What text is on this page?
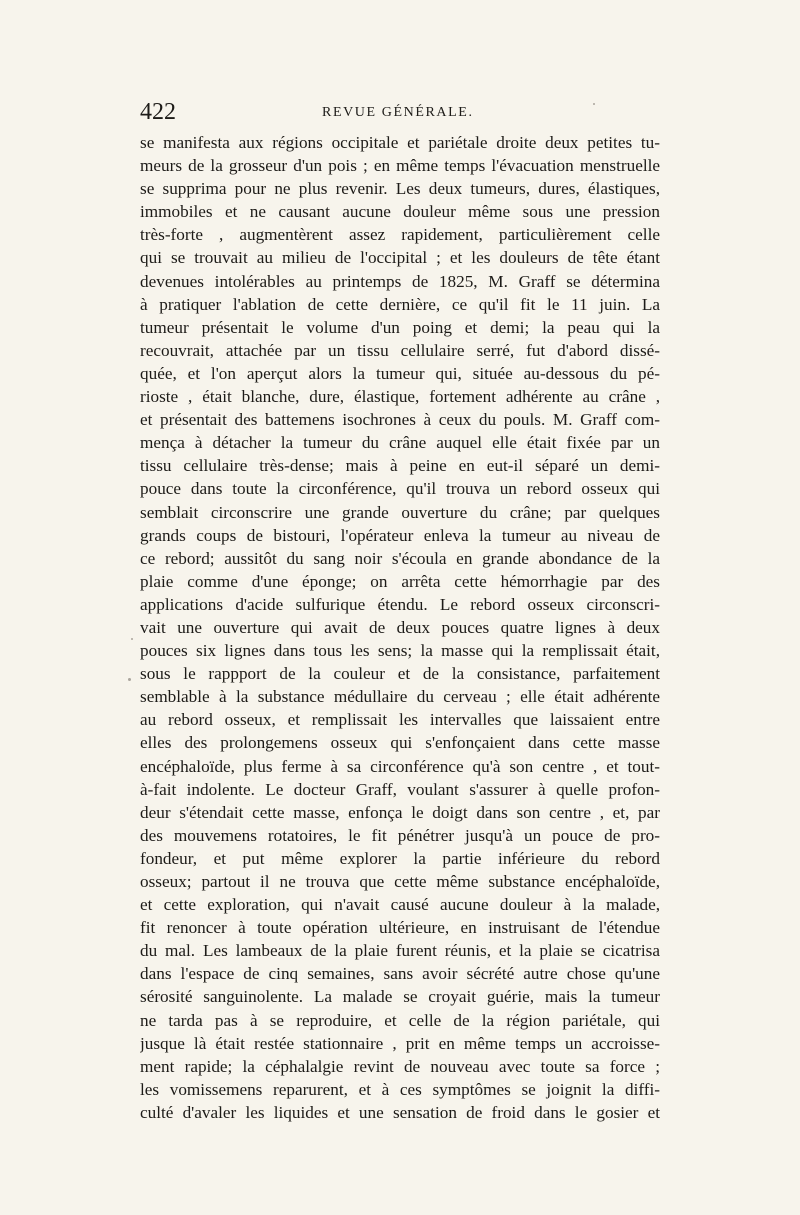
422	REVUE GÉNÉRALE.
se manifesta aux régions occipitale et pariétale droite deux petites tu-
meurs de la grosseur d'un pois ; en même temps l'évacuation menstruelle
se supprima pour ne plus revenir. Les deux tumeurs, dures, élastiques,
immobiles et ne causant aucune douleur même sous une pression
très-forte , augmentèrent assez rapidement, particulièrement celle
qui se trouvait au milieu de l'occipital ; et les douleurs de tête étant
devenues intolérables au printemps de 1825, M. Graff se détermina
à pratiquer l'ablation de cette dernière, ce qu'il fit le 11 juin. La
tumeur présentait le volume d'un poing et demi; la peau qui la
recouvrait, attachée par un tissu cellulaire serré, fut d'abord dissé-
quée, et l'on aperçut alors la tumeur qui, située au-dessous du pé-
rioste , était blanche, dure, élastique, fortement adhérente au crâne ,
et présentait des battemens isochrones à ceux du pouls. M. Graff com-
mença à détacher la tumeur du crâne auquel elle était fixée par un
tissu cellulaire très-dense; mais à peine en eut-il séparé un demi-
pouce dans toute la circonférence, qu'il trouva un rebord osseux qui
semblait circonscrire une grande ouverture du crâne; par quelques
grands coups de bistouri, l'opérateur enleva la tumeur au niveau de
ce rebord; aussitôt du sang noir s'écoula en grande abondance de la
plaie comme d'une éponge; on arrêta cette hémorrhagie par des
applications d'acide sulfurique étendu. Le rebord osseux circonscri-
vait une ouverture qui avait de deux pouces quatre lignes à deux
pouces six lignes dans tous les sens; la masse qui la remplissait était,
sous le rappport de la couleur et de la consistance, parfaitement
semblable à la substance médullaire du cerveau ; elle était adhérente
au rebord osseux, et remplissait les intervalles que laissaient entre
elles des prolongemens osseux qui s'enfonçaient dans cette masse
encéphaloïde, plus ferme à sa circonférence qu'à son centre , et tout-
à-fait indolente. Le docteur Graff, voulant s'assurer à quelle profon-
deur s'étendait cette masse, enfonça le doigt dans son centre , et, par
des mouvemens rotatoires, le fit pénétrer jusqu'à un pouce de pro-
fondeur, et put même explorer la partie inférieure du rebord
osseux; partout il ne trouva que cette même substance encéphaloïde,
et cette exploration, qui n'avait causé aucune douleur à la malade,
fit renoncer à toute opération ultérieure, en instruisant de l'étendue
du mal. Les lambeaux de la plaie furent réunis, et la plaie se cicatrisa
dans l'espace de cinq semaines, sans avoir sécrété autre chose qu'une
sérosité sanguinolente. La malade se croyait guérie, mais la tumeur
ne tarda pas à se reproduire, et celle de la région pariétale, qui
jusque là était restée stationnaire , prit en même temps un accroisse-
ment rapide; la céphalalgie revint de nouveau avec toute sa force ;
les vomissemens reparurent, et à ces symptômes se joignit la diffi-
culté d'avaler les liquides et une sensation de froid dans le gosier et
